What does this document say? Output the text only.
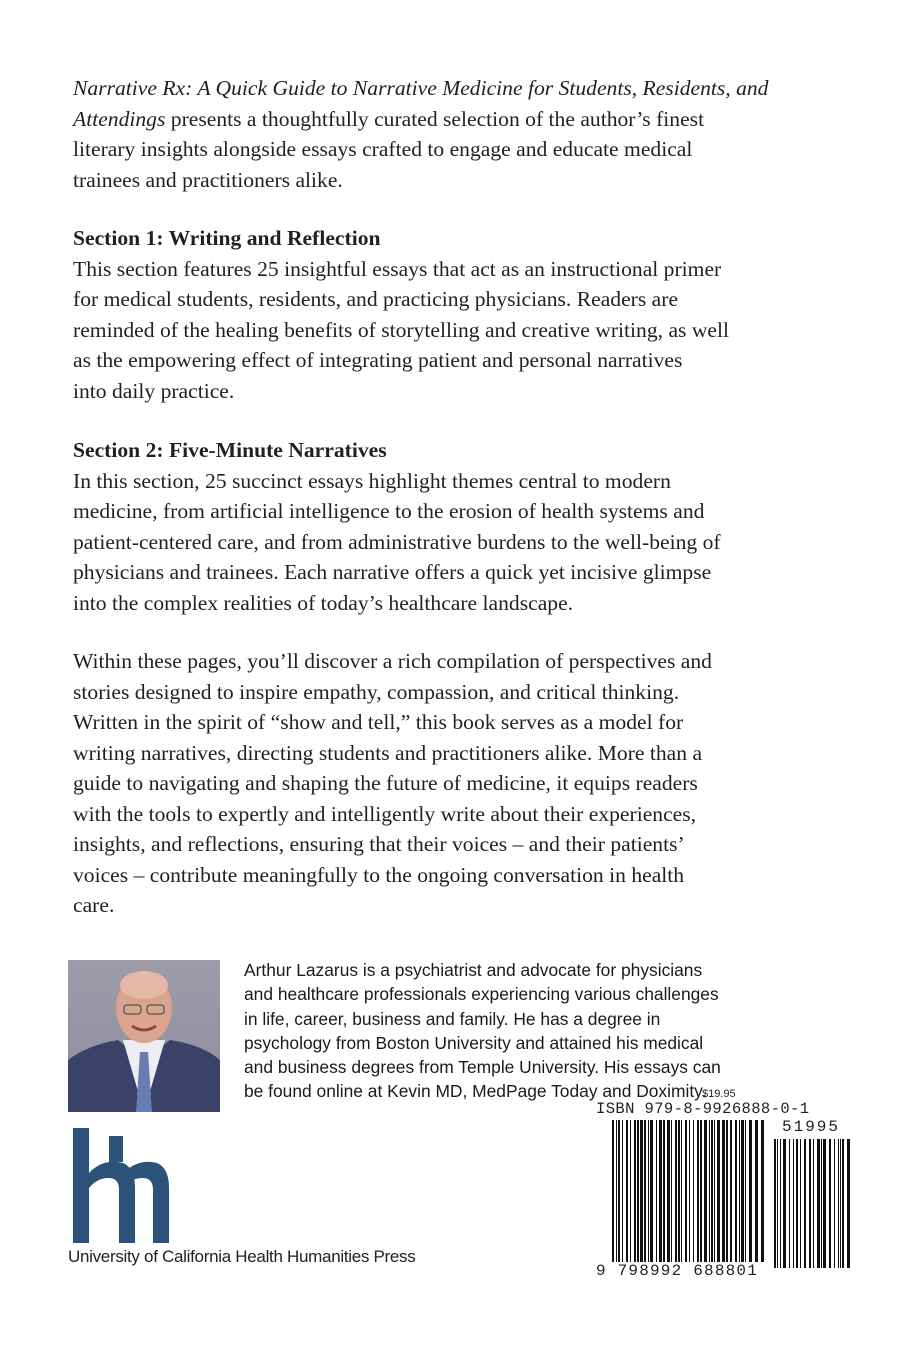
Narrative Rx: A Quick Guide to Narrative Medicine for Students, Residents, and
Attendings presents a thoughtfully curated selection of the author’s finest
literary insights alongside essays crafted to engage and educate medical
trainees and practitioners alike.
Section 1: Writing and Reflection
This section features 25 insightful essays that act as an instructional primer
for medical students, residents, and practicing physicians. Readers are
reminded of the healing benefits of storytelling and creative writing, as well
as the empowering effect of integrating patient and personal narratives
into daily practice.
Section 2: Five-Minute Narratives
In this section, 25 succinct essays highlight themes central to modern
medicine, from artificial intelligence to the erosion of health systems and
patient-centered care, and from administrative burdens to the well-being of
physicians and trainees. Each narrative offers a quick yet incisive glimpse
into the complex realities of today’s healthcare landscape.
Within these pages, you’ll discover a rich compilation of perspectives and
stories designed to inspire empathy, compassion, and critical thinking.
Written in the spirit of “show and tell,” this book serves as a model for
writing narratives, directing students and practitioners alike. More than a
guide to navigating and shaping the future of medicine, it equips readers
with the tools to expertly and intelligently write about their experiences,
insights, and reflections, ensuring that their voices – and their patients’
voices – contribute meaningfully to the ongoing conversation in health
care.
Arthur Lazarus is a psychiatrist and advocate for physicians
and healthcare professionals experiencing various challenges
in life, career, business and family. He has a degree in
psychology from Boston University and attained his medical
and business degrees from Temple University. His essays can
be found online at Kevin MD, MedPage Today and Doximity.
University of California Health Humanities Press
$19.95
ISBN 979-8-9926888-0-1
51995
9 798992 688801
